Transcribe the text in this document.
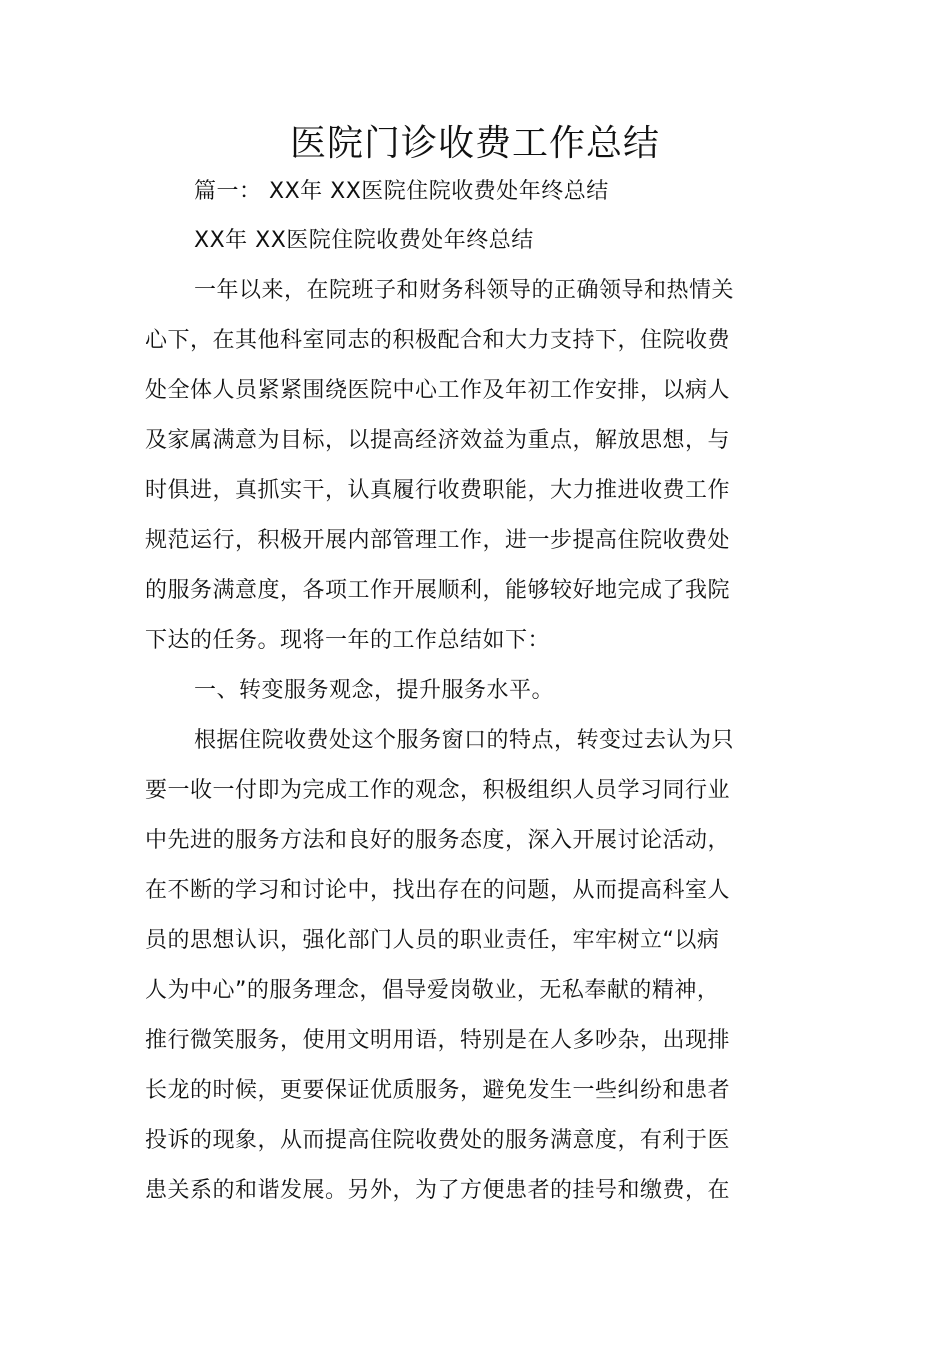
医院门诊收费工作总结
篇一： XX年 XX医院住院收费处年终总结
XX年 XX医院住院收费处年终总结
一年以来，在院班子和财务科领导的正确领导和热情关
心下，在其他科室同志的积极配合和大力支持下，住院收费
处全体人员紧紧围绕医院中心工作及年初工作安排，以病人
及家属满意为目标，以提高经济效益为重点，解放思想，与
时俱进，真抓实干，认真履行收费职能，大力推进收费工作
规范运行，积极开展内部管理工作，进一步提高住院收费处
的服务满意度，各项工作开展顺利，能够较好地完成了我院
下达的任务。现将一年的工作总结如下：
一、转变服务观念，提升服务水平。
根据住院收费处这个服务窗口的特点，转变过去认为只
要一收一付即为完成工作的观念，积极组织人员学习同行业
中先进的服务方法和良好的服务态度，深入开展讨论活动，
在不断的学习和讨论中，找出存在的问题，从而提高科室人
员的思想认识，强化部门人员的职业责任，牢牢树立“以病
人为中心”的服务理念，倡导爱岗敬业，无私奉献的精神，
推行微笑服务，使用文明用语，特别是在人多吵杂，出现排
长龙的时候，更要保证优质服务，避免发生一些纠纷和患者
投诉的现象，从而提高住院收费处的服务满意度，有利于医
患关系的和谐发展。另外，为了方便患者的挂号和缴费，在
